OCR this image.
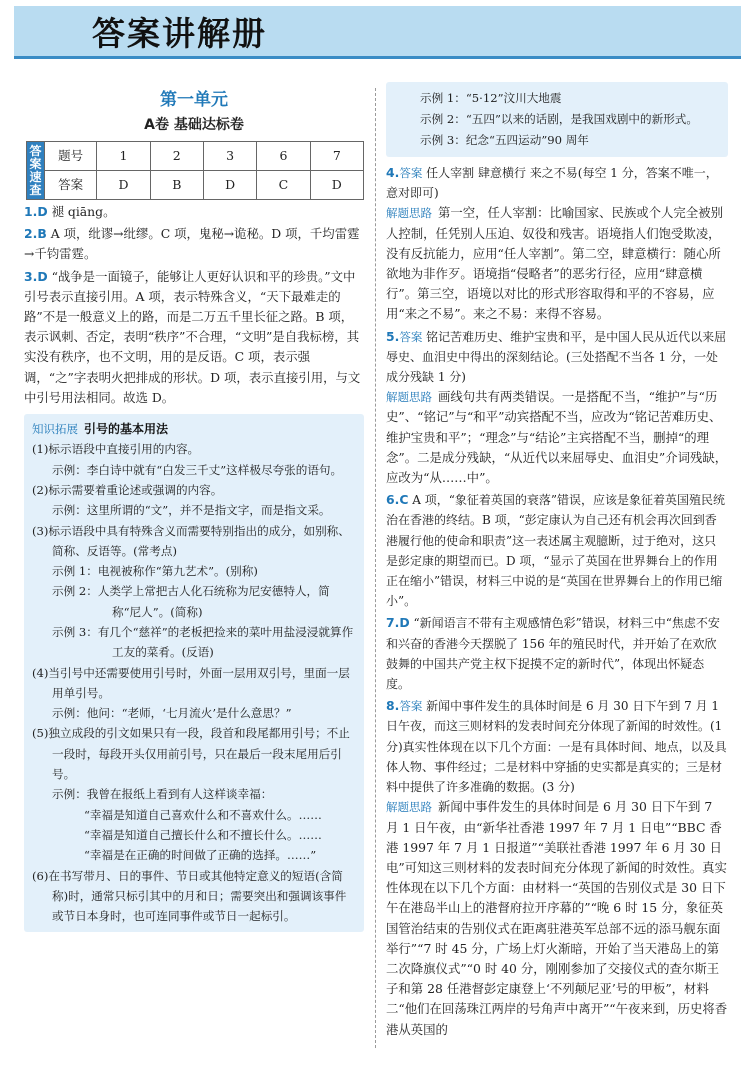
答案讲解册
第一单元
A卷 基础达标卷
答
案
速
查	题号	1	2	3	6	7
	答案	D	B	D	C	D
1.D 褪 qiāng。
2.B A 项，纰谬→纰缪。C 项，鬼秘→诡秘。D 项，千均雷霆→千钧雷霆。
3.D “战争是一面镜子，能够让人更好认识和平的珍贵。”文中引号表示直接引用。A 项，表示特殊含义，“天下最难走的路”不是一般意义上的路，而是二万五千里长征之路。B 项，表示讽刺、否定，表明“秩序”不合理，“文明”是自我标榜，其实没有秩序，也不文明，用的是反语。C 项，表示强调，“之”字表明火把排成的形状。D 项，表示直接引用，与文中引号用法相同。故选 D。
知识拓展 引号的基本用法
(1)标示语段中直接引用的内容。
示例：李白诗中就有“白发三千丈”这样极尽夸张的语句。
(2)标示需要着重论述或强调的内容。
示例：这里所谓的“文”，并不是指文字，而是指文采。
(3)标示语段中具有特殊含义而需要特别指出的成分，如别称、简称、反语等。(常考点)
示例 1：电视被称作“第九艺术”。(别称)
示例 2：人类学上常把古人化石统称为尼安德特人，简称“尼人”。(简称)
示例 3：有几个“慈祥”的老板把捡来的菜叶用盐浸浸就算作工友的菜肴。(反语)
(4)当引号中还需要使用引号时，外面一层用双引号，里面一层用单引号。
示例：他问：“老师，‘七月流火’是什么意思？”
(5)独立成段的引文如果只有一段，段首和段尾都用引号；不止一段时，每段开头仅用前引号，只在最后一段末尾用后引号。
示例：我曾在报纸上看到有人这样谈幸福：
“幸福是知道自己喜欢什么和不喜欢什么。……
“幸福是知道自己擅长什么和不擅长什么。……
“幸福是在正确的时间做了正确的选择。……”
(6)在书写带月、日的事件、节日或其他特定意义的短语(含简称)时，通常只标引其中的月和日；需要突出和强调该事件或节日本身时，也可连同事件或节日一起标引。
示例 1：“5·12”汶川大地震
示例 2：“五四”以来的话剧，是我国戏剧中的新形式。
示例 3：纪念“五四运动”90 周年
4.答案 任人宰割 肆意横行 来之不易(每空 1 分，答案不唯一，意对即可)
解题思路 第一空，任人宰割：比喻国家、民族或个人完全被别人控制，任凭别人压迫、奴役和残害。语境指人们饱受欺凌，没有反抗能力，应用“任人宰割”。第二空，肆意横行：随心所欲地为非作歹。语境指“侵略者”的恶劣行径，应用“肆意横行”。第三空，语境以对比的形式形容取得和平的不容易，应用“来之不易”。来之不易：来得不容易。
5.答案 铭记苦难历史、维护宝贵和平，是中国人民从近代以来屈辱史、血泪史中得出的深刻结论。(三处搭配不当各 1 分，一处成分残缺 1 分)
解题思路 画线句共有两类错误。一是搭配不当，“维护”与“历史”、“铭记”与“和平”动宾搭配不当，应改为“铭记苦难历史、维护宝贵和平”；“理念”与“结论”主宾搭配不当，删掉“的理念”。二是成分残缺，“从近代以来屈辱史、血泪史”介词残缺，应改为“从……中”。
6.C A 项，“象征着英国的衰落”错误，应该是象征着英国殖民统治在香港的终结。B 项，“彭定康认为自己还有机会再次回到香港履行他的使命和职责”这一表述属主观臆断，过于绝对，这只是彭定康的期望而已。D 项，“显示了英国在世界舞台上的作用正在缩小”错误，材料三中说的是“英国在世界舞台上的作用已缩小”。
7.D “新闻语言不带有主观感情色彩”错误，材料三中“焦虑不安和兴奋的香港今天摆脱了 156 年的殖民时代，并开始了在欢欣鼓舞的中国共产党主权下捉摸不定的新时代”，体现出怀疑态度。
8.答案 新闻中事件发生的具体时间是 6 月 30 日下午到 7 月 1 日午夜，而这三则材料的发表时间充分体现了新闻的时效性。(1 分)真实性体现在以下几个方面：一是有具体时间、地点，以及具体人物、事件经过；二是材料中穿插的史实都是真实的；三是材料中提供了许多准确的数据。(3 分)
解题思路 新闻中事件发生的具体时间是 6 月 30 日下午到 7 月 1 日午夜，由“新华社香港 1997 年 7 月 1 日电”“BBC 香港 1997 年 7 月 1 日报道”“美联社香港 1997 年 6 月 30 日电”可知这三则材料的发表时间充分体现了新闻的时效性。真实性体现在以下几个方面：由材料一“英国的告别仪式是 30 日下午在港岛半山上的港督府拉开序幕的”“晚 6 时 15 分，象征英国管治结束的告别仪式在距离驻港英军总部不远的添马舰东面举行”“7 时 45 分，广场上灯火渐暗，开始了当天港岛上的第二次降旗仪式”“0 时 40 分，刚刚参加了交接仪式的查尔斯王子和第 28 任港督彭定康登上‘不列颠尼亚’号的甲板”，材料二“他们在回荡珠江两岸的号角声中离开”“午夜来到，历史将香港从英国的
